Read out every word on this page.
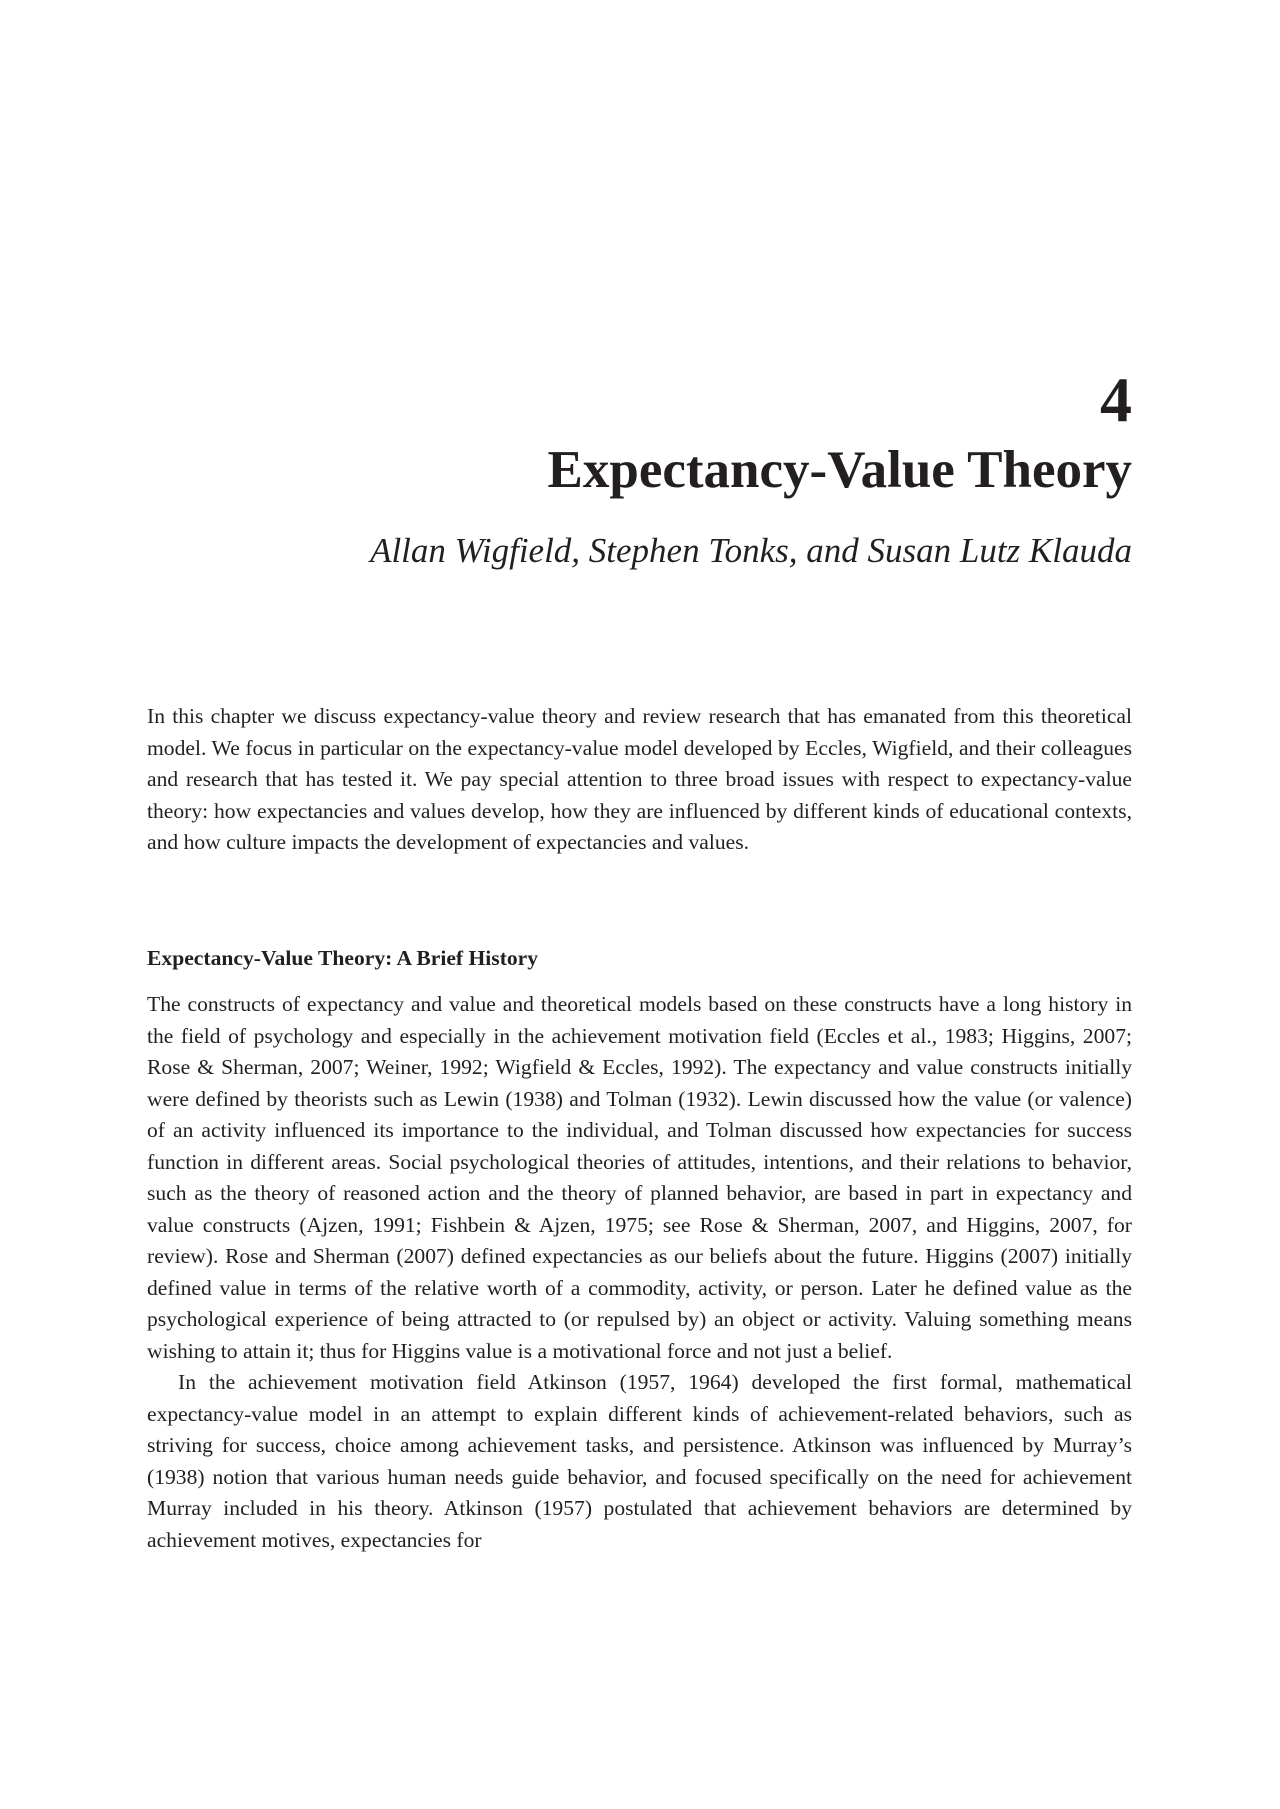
4
Expectancy-Value Theory
Allan Wigfield, Stephen Tonks, and Susan Lutz Klauda

In this chapter we discuss expectancy-value theory and review research that has emanated from this theoretical model. We focus in particular on the expectancy-value model developed by Eccles, Wigfield, and their colleagues and research that has tested it. We pay special attention to three broad issues with respect to expectancy-value theory: how expectancies and values develop, how they are influenced by different kinds of educational contexts, and how culture impacts the development of expectancies and values.

Expectancy-Value Theory: A Brief History

The constructs of expectancy and value and theoretical models based on these constructs have a long history in the field of psychology and especially in the achievement motivation field (Eccles et al., 1983; Higgins, 2007; Rose & Sherman, 2007; Weiner, 1992; Wigfield & Eccles, 1992). The expectancy and value constructs initially were defined by theorists such as Lewin (1938) and Tolman (1932). Lewin discussed how the value (or valence) of an activity influenced its importance to the individual, and Tolman discussed how expectancies for success function in different areas. Social psychological theories of attitudes, intentions, and their relations to behavior, such as the theory of reasoned action and the theory of planned behavior, are based in part in expectancy and value constructs (Ajzen, 1991; Fishbein & Ajzen, 1975; see Rose & Sherman, 2007, and Higgins, 2007, for review). Rose and Sherman (2007) defined expectancies as our beliefs about the future. Higgins (2007) initially defined value in terms of the relative worth of a commodity, activity, or person. Later he defined value as the psychological experience of being attracted to (or repulsed by) an object or activity. Valuing something means wishing to attain it; thus for Higgins value is a motivational force and not just a belief.

In the achievement motivation field Atkinson (1957, 1964) developed the first formal, mathematical expectancy-value model in an attempt to explain different kinds of achievement-related behaviors, such as striving for success, choice among achievement tasks, and persistence. Atkinson was influenced by Murray’s (1938) notion that various human needs guide behavior, and focused specifically on the need for achievement Murray included in his theory. Atkinson (1957) postulated that achievement behaviors are determined by achievement motives, expectancies for
